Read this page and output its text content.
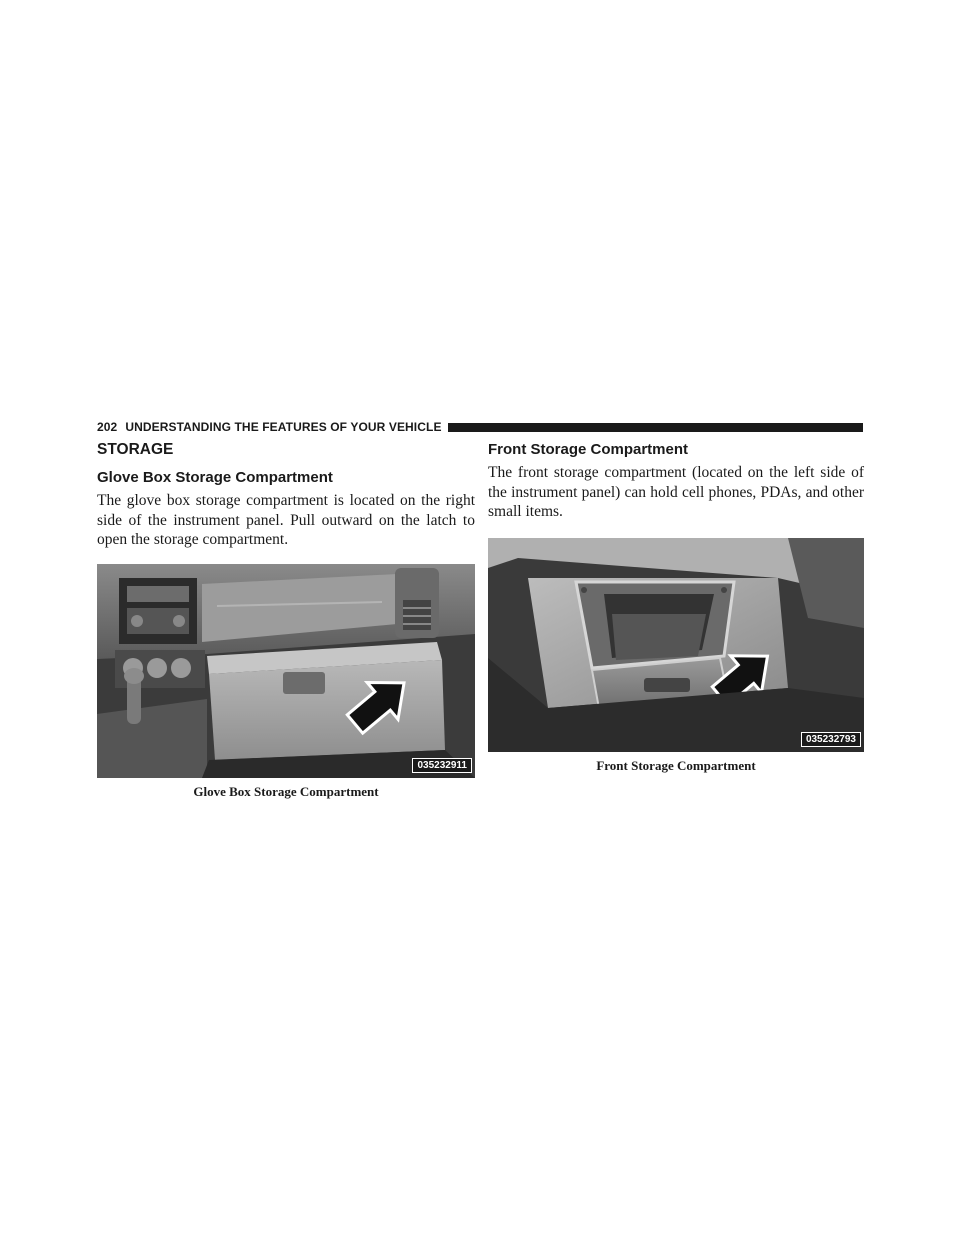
202 UNDERSTANDING THE FEATURES OF YOUR VEHICLE
STORAGE
Glove Box Storage Compartment

The glove box storage compartment is located on the right side of the instrument panel. Pull outward on the latch to open the storage compartment.

035232911
Glove Box Storage Compartment
Front Storage Compartment

The front storage compartment (located on the left side of the instrument panel) can hold cell phones, PDAs, and other small items.

035232793
Front Storage Compartment
